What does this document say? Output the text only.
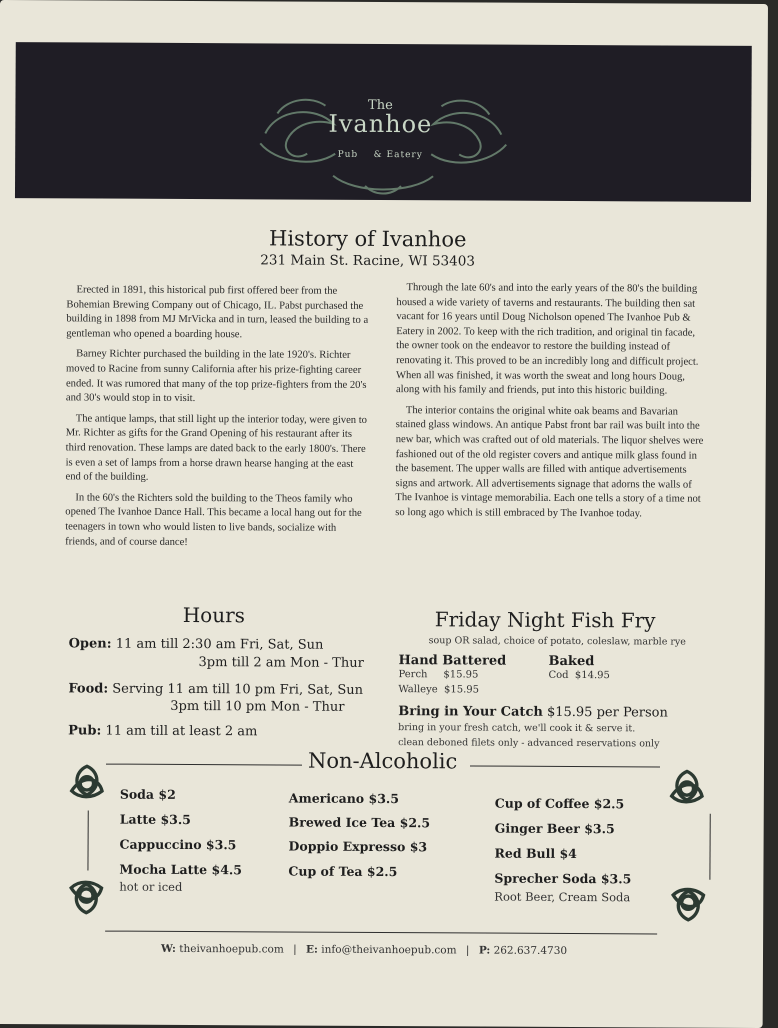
The
Ivanhoe
Pub & Eatery
History of Ivanhoe
231 Main St. Racine, WI 53403

Erected in 1891, this historical pub first offered beer from the Bohemian Brewing Company out of Chicago, IL. Pabst purchased the building in 1898 from MJ MrVicka and in turn, leased the building to a gentleman who opened a boarding house.

Barney Richter purchased the building in the late 1920's. Richter moved to Racine from sunny California after his prize-fighting career ended. It was rumored that many of the top prize-fighters from the 20's and 30's would stop in to visit.

The antique lamps, that still light up the interior today, were given to Mr. Richter as gifts for the Grand Opening of his restaurant after its third renovation. These lamps are dated back to the early 1800's. There is even a set of lamps from a horse drawn hearse hanging at the east end of the building.

In the 60's the Richters sold the building to the Theos family who opened The Ivanhoe Dance Hall. This became a local hang out for the teenagers in town who would listen to live bands, socialize with friends, and of course dance!

Through the late 60's and into the early years of the 80's the building housed a wide variety of taverns and restaurants. The building then sat vacant for 16 years until Doug Nicholson opened The Ivanhoe Pub & Eatery in 2002. To keep with the rich tradition, and original tin facade, the owner took on the endeavor to restore the building instead of renovating it. This proved to be an incredibly long and difficult project. When all was finished, it was worth the sweat and long hours Doug, along with his family and friends, put into this historic building.

The interior contains the original white oak beams and Bavarian stained glass windows. An antique Pabst front bar rail was built into the new bar, which was crafted out of old materials. The liquor shelves were fashioned out of the old register covers and antique milk glass found in the basement. The upper walls are filled with antique advertisements signs and artwork. All advertisements signage that adorns the walls of The Ivanhoe is vintage memorabilia. Each one tells a story of a time not so long ago which is still embraced by The Ivanhoe today.

Hours
Open: 11 am till 2:30 am Fri, Sat, Sun
3pm till 2 am Mon - Thur
Food: Serving 11 am till 10 pm Fri, Sat, Sun
3pm till 10 pm Mon - Thur
Pub: 11 am till at least 2 am
Friday Night Fish Fry
soup OR salad, choice of potato, coleslaw, marble rye
Hand Battered
Perch $15.95
Walleye $15.95
Baked
Cod $14.95
Bring in Your Catch $15.95 per Person
bring in your fresh catch, we'll cook it & serve it.
clean deboned filets only - advanced reservations only
Non-Alcoholic
Soda $2
Latte $3.5
Cappuccino $3.5
Mocha Latte $4.5
hot or iced
Americano $3.5
Brewed Ice Tea $2.5
Doppio Expresso $3
Cup of Tea $2.5
Cup of Coffee $2.5
Ginger Beer $3.5
Red Bull $4
Sprecher Soda $3.5
Root Beer, Cream Soda
W: theivanhoepub.com | E: info@theivanhoepub.com | P: 262.637.4730
